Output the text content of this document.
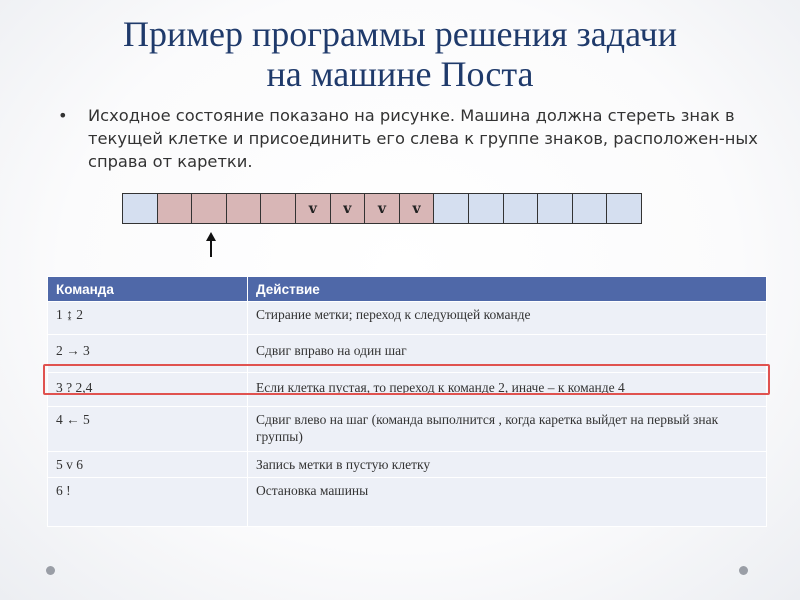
Пример программы решения задачи
на машине Поста
• Исходное состояние показано на рисунке. Машина должна стереть знак в текущей клетке и присоединить его слева к группе знаков, расположен-ных справа от каретки.
v	v	v	v
Команда	Действие
1 ↨ 2	Стирание метки; переход к следующей команде
2 → 3	Сдвиг вправо на один шаг
3 ? 2,4	Если клетка пустая, то переход к команде 2, иначе – к команде 4
4 ← 5	Сдвиг влево на шаг (команда выполнится , когда каретка выйдет на первый знак группы)
5 v 6	Запись метки в пустую клетку
6 !	Остановка машины
